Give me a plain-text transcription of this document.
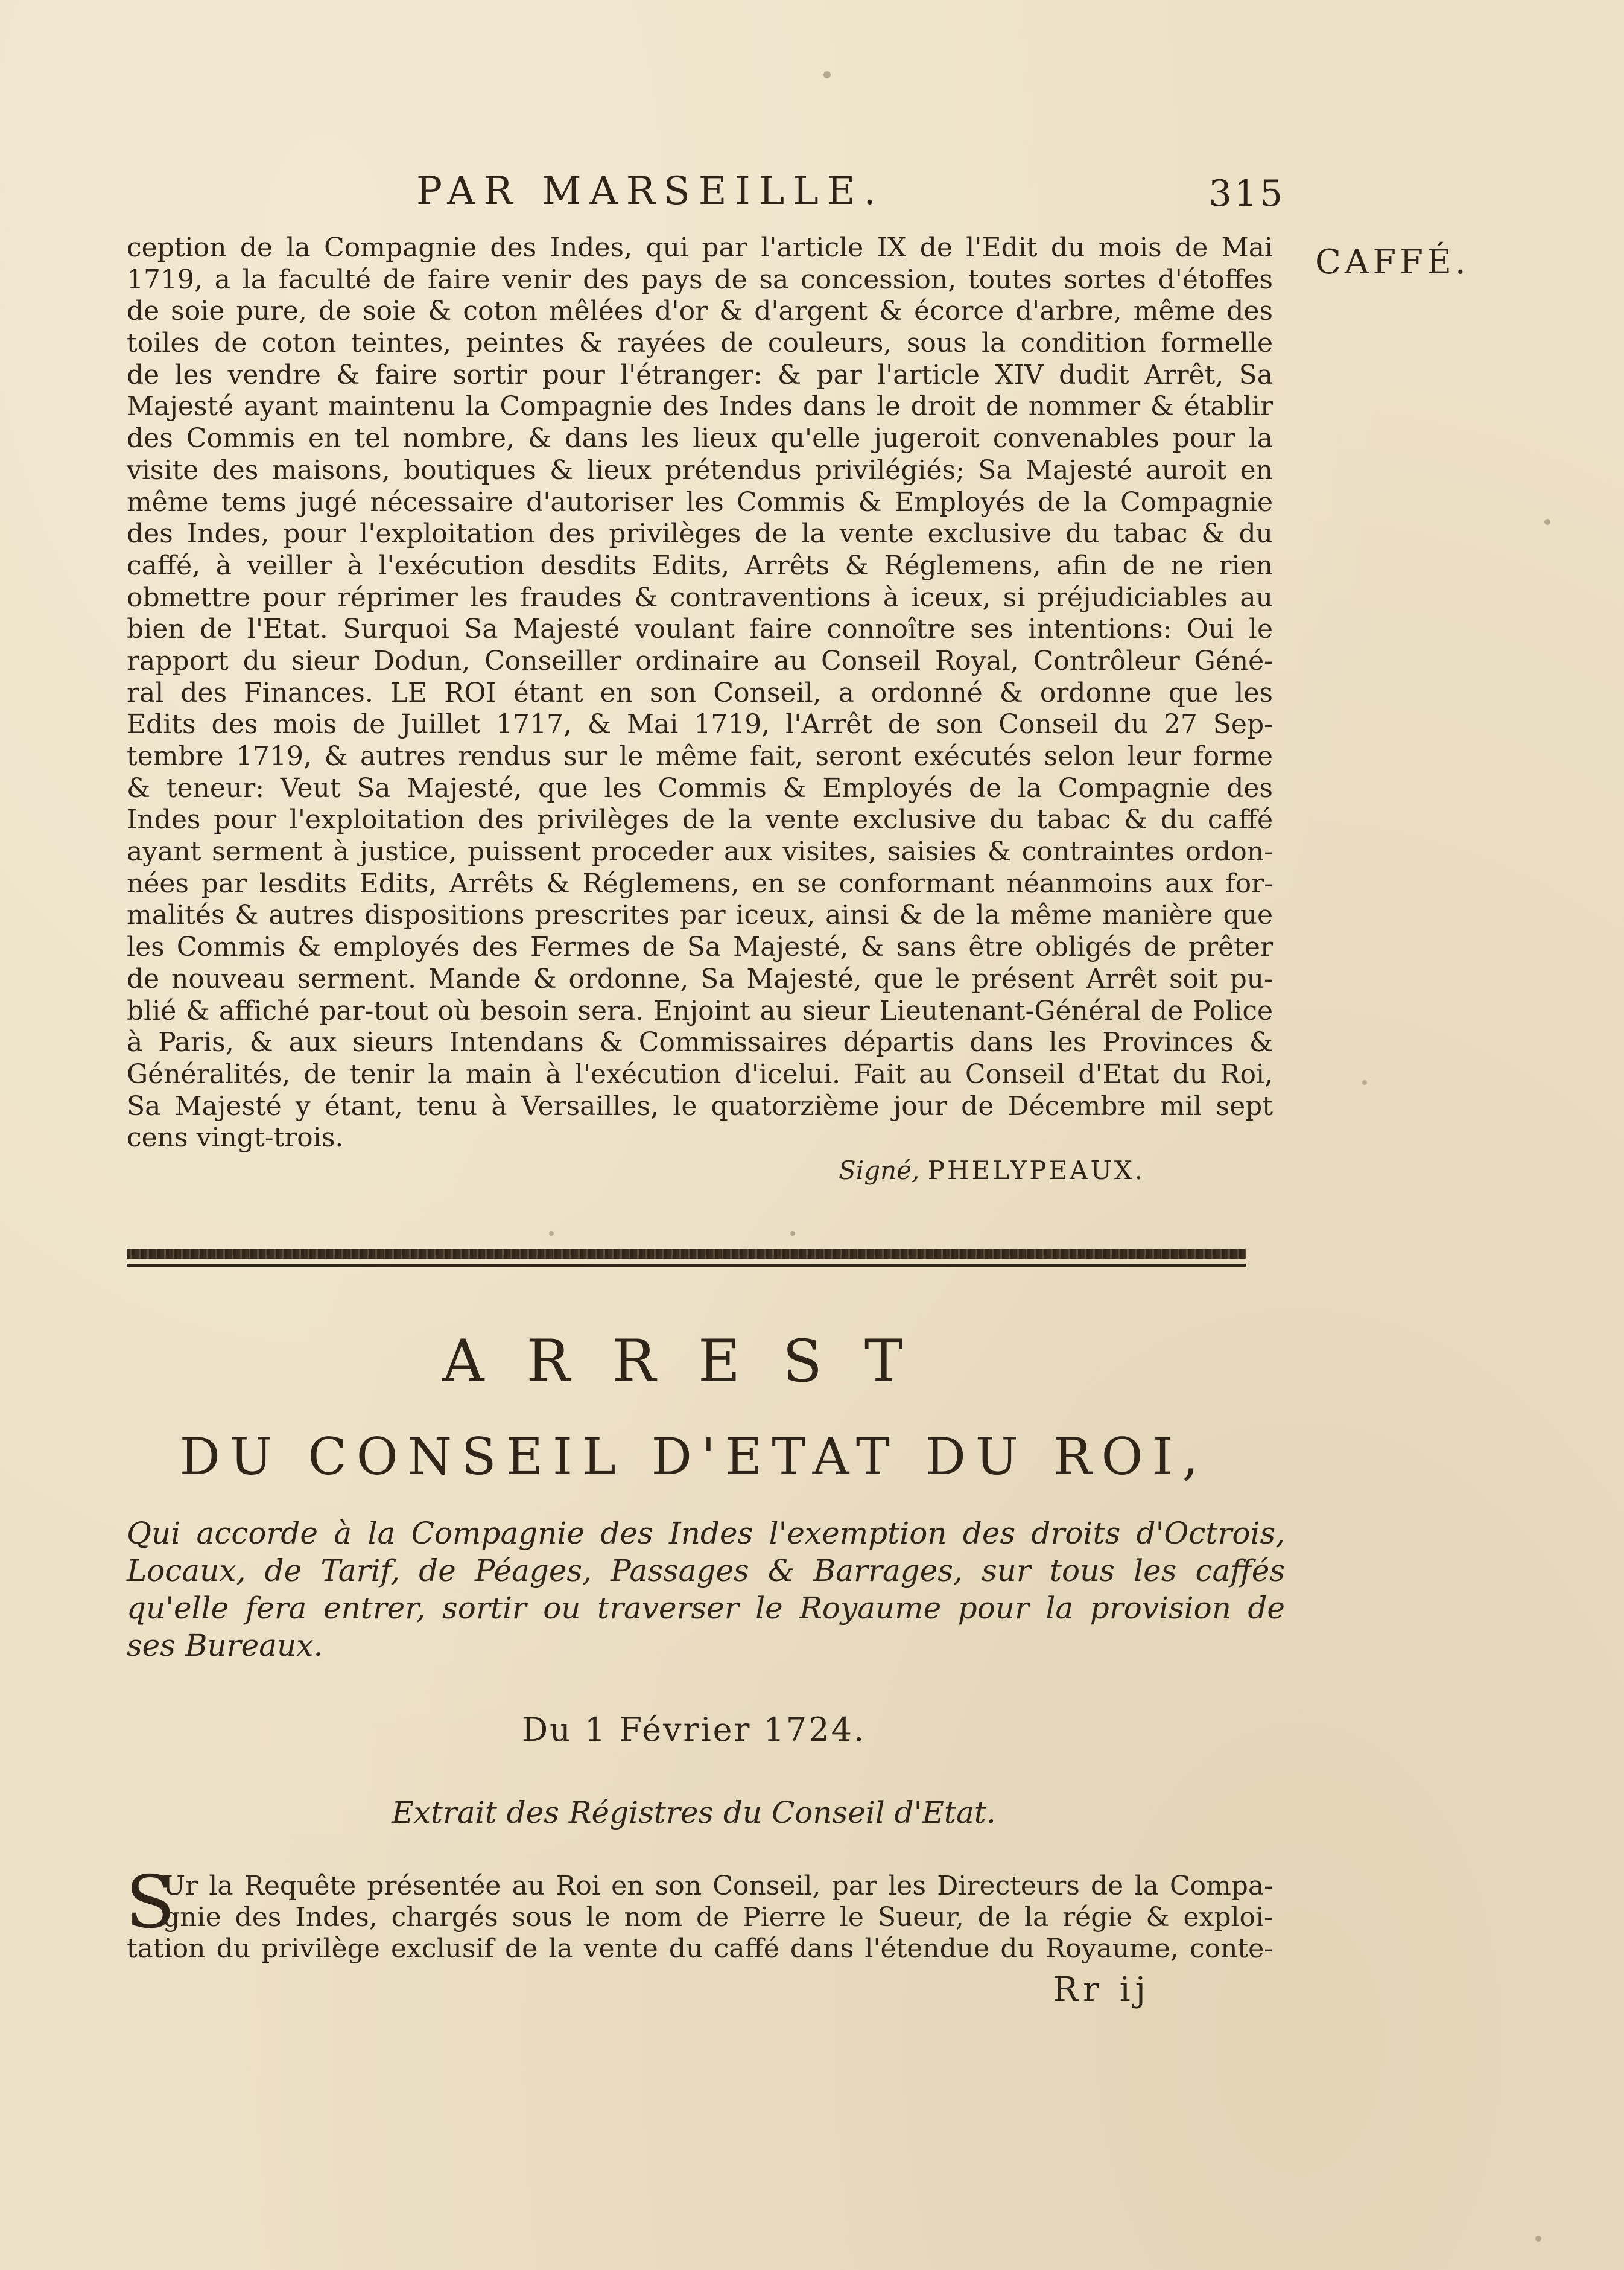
PAR MARSEILLE.	315
CAFFÉ.
ception de la Compagnie des Indes, qui par l'article IX de l'Edit du mois de Mai
1719, a la faculté de faire venir des pays de sa concession, toutes sortes d'étoffes
de soie pure, de soie & coton mêlées d'or & d'argent & écorce d'arbre, même des
toiles de coton teintes, peintes & rayées de couleurs, sous la condition formelle
de les vendre & faire sortir pour l'étranger: & par l'article XIV dudit Arrêt, Sa
Majesté ayant maintenu la Compagnie des Indes dans le droit de nommer & établir
des Commis en tel nombre, & dans les lieux qu'elle jugeroit convenables pour la
visite des maisons, boutiques & lieux prétendus privilégiés; Sa Majesté auroit en
même tems jugé nécessaire d'autoriser les Commis & Employés de la Compagnie
des Indes, pour l'exploitation des privilèges de la vente exclusive du tabac & du
caffé, à veiller à l'exécution desdits Edits, Arrêts & Réglemens, afin de ne rien
obmettre pour réprimer les fraudes & contraventions à iceux, si préjudiciables au
bien de l'Etat. Surquoi Sa Majesté voulant faire connoître ses intentions: Oui le
rapport du sieur Dodun, Conseiller ordinaire au Conseil Royal, Contrôleur Géné-
ral des Finances. LE ROI étant en son Conseil, a ordonné & ordonne que les
Edits des mois de Juillet 1717, & Mai 1719, l'Arrêt de son Conseil du 27 Sep-
tembre 1719, & autres rendus sur le même fait, seront exécutés selon leur forme
& teneur: Veut Sa Majesté, que les Commis & Employés de la Compagnie des
Indes pour l'exploitation des privilèges de la vente exclusive du tabac & du caffé
ayant serment à justice, puissent proceder aux visites, saisies & contraintes ordon-
nées par lesdits Edits, Arrêts & Réglemens, en se conformant néanmoins aux for-
malités & autres dispositions prescrites par iceux, ainsi & de la même manière que
les Commis & employés des Fermes de Sa Majesté, & sans être obligés de prêter
de nouveau serment. Mande & ordonne, Sa Majesté, que le présent Arrêt soit pu-
blié & affiché par-tout où besoin sera. Enjoint au sieur Lieutenant-Général de Police
à Paris, & aux sieurs Intendans & Commissaires départis dans les Provinces &
Généralités, de tenir la main à l'exécution d'icelui. Fait au Conseil d'Etat du Roi,
Sa Majesté y étant, tenu à Versailles, le quatorzième jour de Décembre mil sept
cens vingt-trois.
Signé, PHELYPEAUX.
ARREST
DU CONSEIL D'ETAT DU ROI,
Qui accorde à la Compagnie des Indes l'exemption des droits d'Octrois,
Locaux, de Tarif, de Péages, Passages & Barrages, sur tous les caffés
qu'elle fera entrer, sortir ou traverser le Royaume pour la provision de
ses Bureaux.
Du 1 Février 1724.
Extrait des Régistres du Conseil d'Etat.
S
Ur la Requête présentée au Roi en son Conseil, par les Directeurs de la Compa-
gnie des Indes, chargés sous le nom de Pierre le Sueur, de la régie & exploi-
tation du privilège exclusif de la vente du caffé dans l'étendue du Royaume, conte-
Rr ij
